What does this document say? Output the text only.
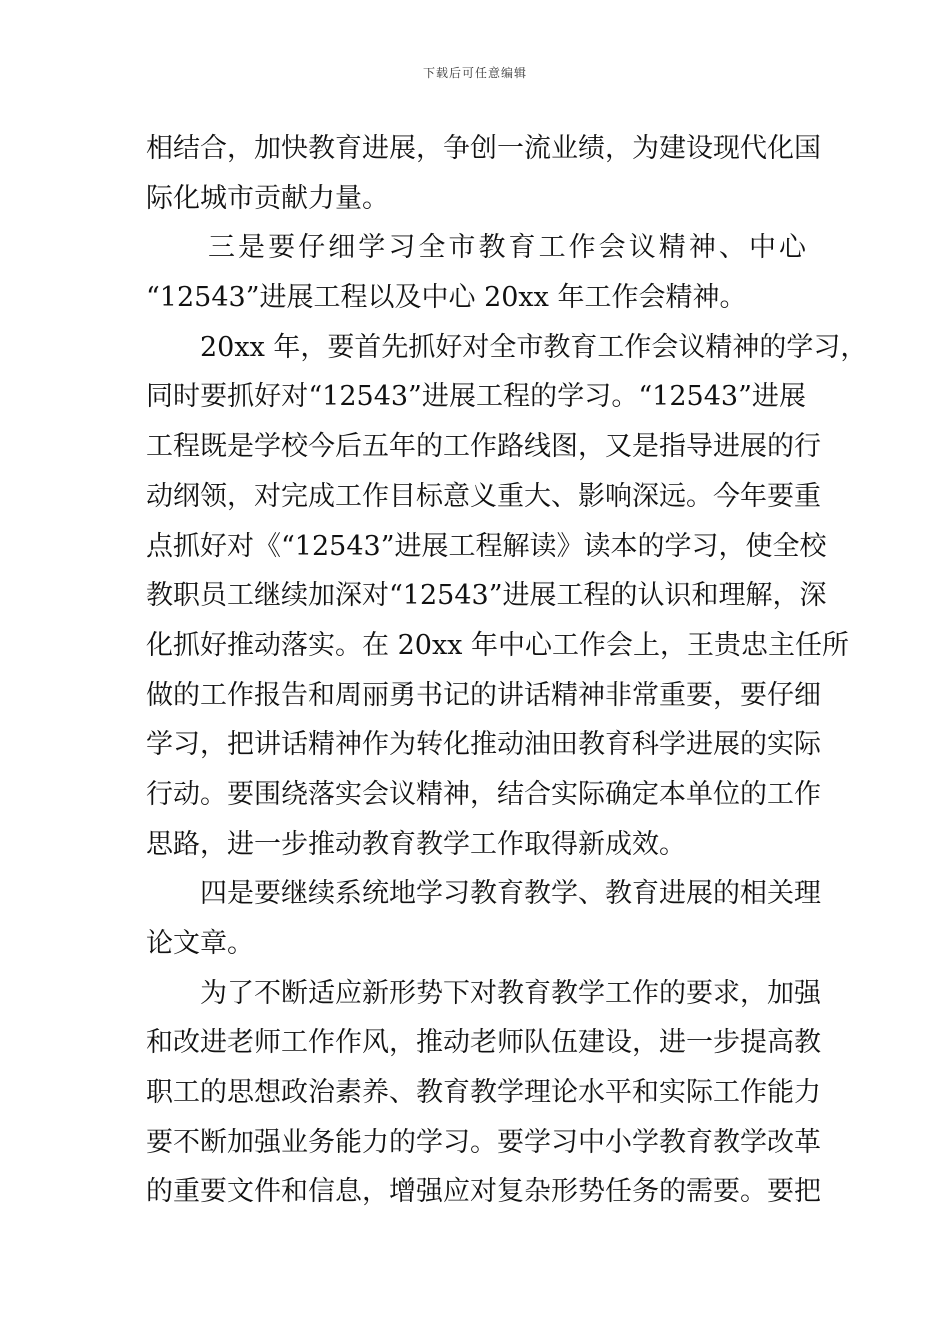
下载后可任意编辑
相结合，加快教育进展，争创一流业绩，为建设现代化国
际化城市贡献力量。
三是要仔细学习全市教育工作会议精神、中心
“12543”进展工程以及中心 20xx 年工作会精神。
20xx 年，要首先抓好对全市教育工作会议精神的学习，
同时要抓好对“12543”进展工程的学习。“12543”进展
工程既是学校今后五年的工作路线图，又是指导进展的行
动纲领，对完成工作目标意义重大、影响深远。今年要重
点抓好对《“12543”进展工程解读》读本的学习，使全校
教职员工继续加深对“12543”进展工程的认识和理解，深
化抓好推动落实。在 20xx 年中心工作会上，王贵忠主任所
做的工作报告和周丽勇书记的讲话精神非常重要，要仔细
学习，把讲话精神作为转化推动油田教育科学进展的实际
行动。要围绕落实会议精神，结合实际确定本单位的工作
思路，进一步推动教育教学工作取得新成效。
四是要继续系统地学习教育教学、教育进展的相关理
论文章。
为了不断适应新形势下对教育教学工作的要求，加强
和改进老师工作作风，推动老师队伍建设，进一步提高教
职工的思想政治素养、教育教学理论水平和实际工作能力
要不断加强业务能力的学习。要学习中小学教育教学改革
的重要文件和信息，增强应对复杂形势任务的需要。要把
